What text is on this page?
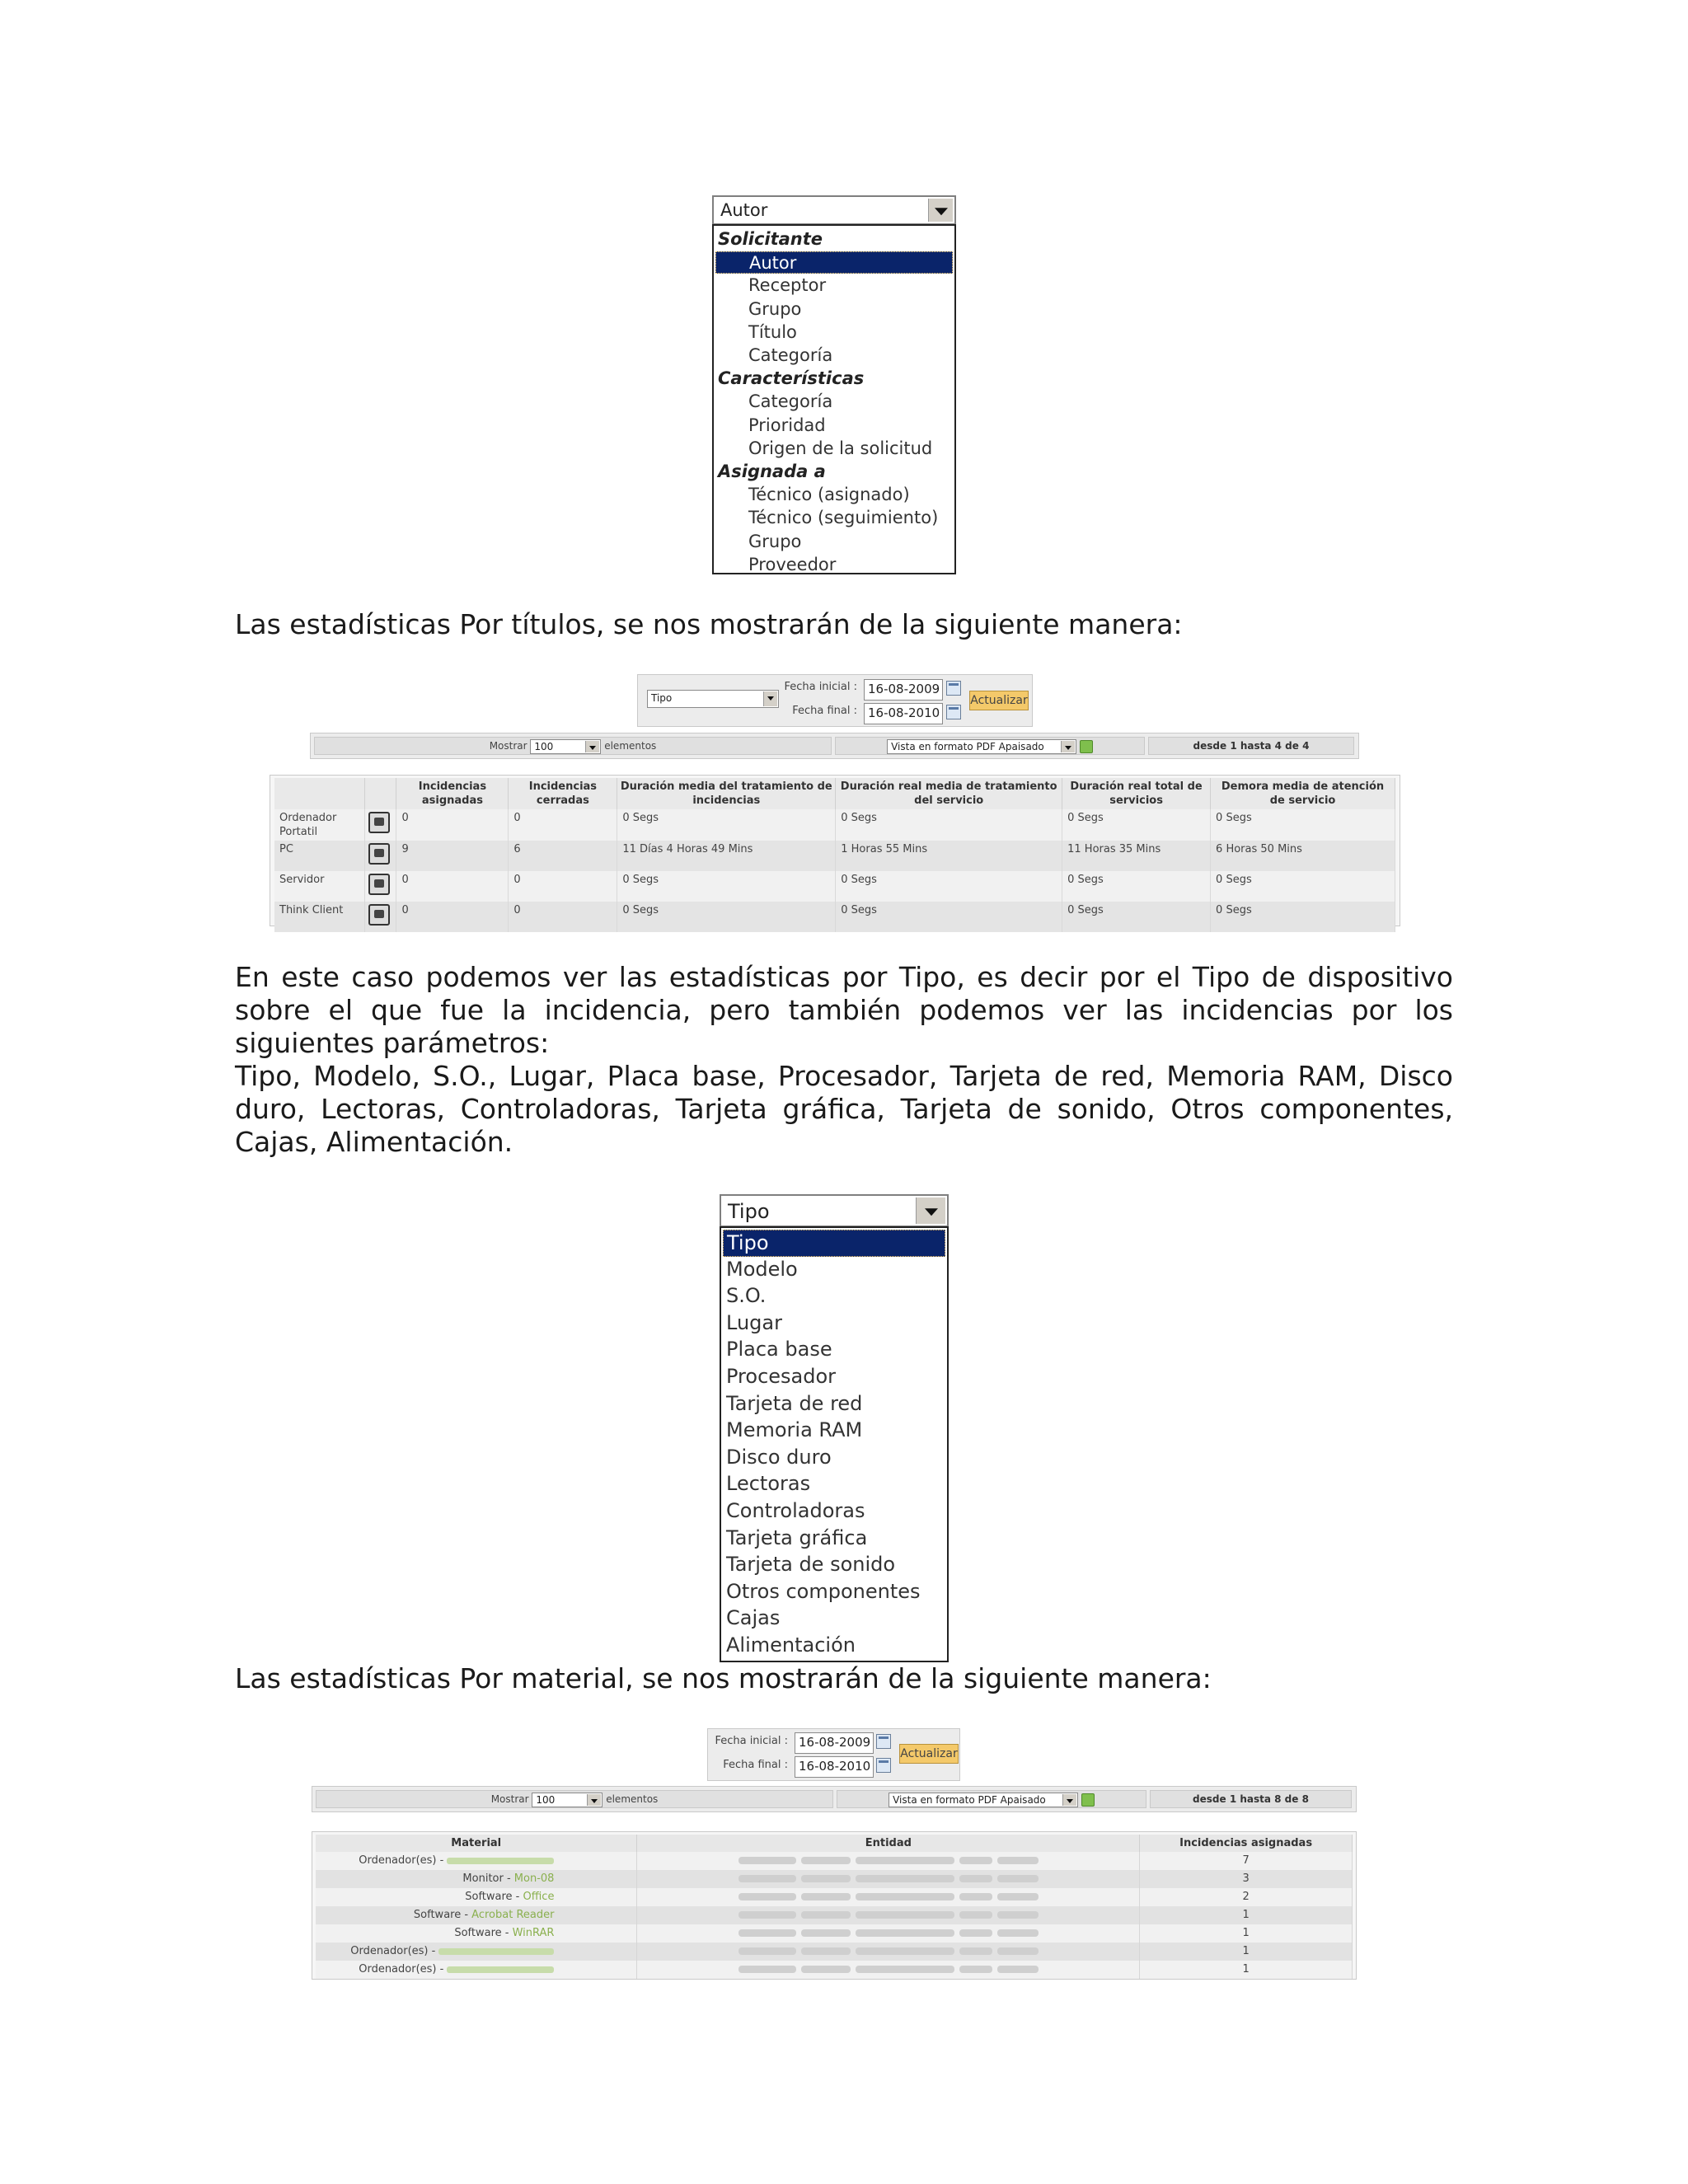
Autor
Solicitante
Autor
Receptor
Grupo
Título
Categoría
Características
Categoría
Prioridad
Origen de la solicitud
Asignada a
Técnico (asignado)
Técnico (seguimiento)
Grupo
Proveedor
Las estadísticas Por títulos, se nos mostrarán de la siguiente manera:
Tipo
Fecha inicial : 16-08-2009
Fecha final : 16-08-2010
Actualizar
Mostrar 100	elementos	Vista en formato PDF Apaisado
	desde 1 hasta 4 de 4
		Incidencias asignadas	Incidencias cerradas	Duración media del tratamiento de incidencias	Duración real media de tratamiento del servicio	Duración real total de servicios	Demora media de atención de servicio
Ordenador Portatil		0	0	0 Segs	0 Segs	0 Segs	0 Segs
PC		9	6	11 Días 4 Horas 49 Mins	1 Horas 55 Mins	11 Horas 35 Mins	6 Horas 50 Mins
Servidor		0	0	0 Segs	0 Segs	0 Segs	0 Segs
Think Client		0	0	0 Segs	0 Segs	0 Segs	0 Segs
En este caso podemos ver las estadísticas por Tipo, es decir por el Tipo de dispositivo
sobre el que fue la incidencia, pero también podemos ver las incidencias por los
siguientes parámetros:
Tipo, Modelo, S.O., Lugar, Placa base, Procesador, Tarjeta de red, Memoria RAM, Disco
duro, Lectoras, Controladoras, Tarjeta gráfica, Tarjeta de sonido, Otros componentes,
Cajas, Alimentación.
Tipo
Tipo
Modelo
S.O.
Lugar
Placa base
Procesador
Tarjeta de red
Memoria RAM
Disco duro
Lectoras
Controladoras
Tarjeta gráfica
Tarjeta de sonido
Otros componentes
Cajas
Alimentación
Las estadísticas Por material, se nos mostrarán de la siguiente manera:
Fecha inicial : 16-08-2009
Fecha final : 16-08-2010
Actualizar
Mostrar 100	elementos	Vista en formato PDF Apaisado
	desde 1 hasta 8 de 8
Material	Entidad	Incidencias asignadas
Ordenador(es) -		7
Monitor - Mon-08		3
Software - Office		2
Software - Acrobat Reader		1
Software - WinRAR		1
Ordenador(es) -		1
Ordenador(es) -		1
